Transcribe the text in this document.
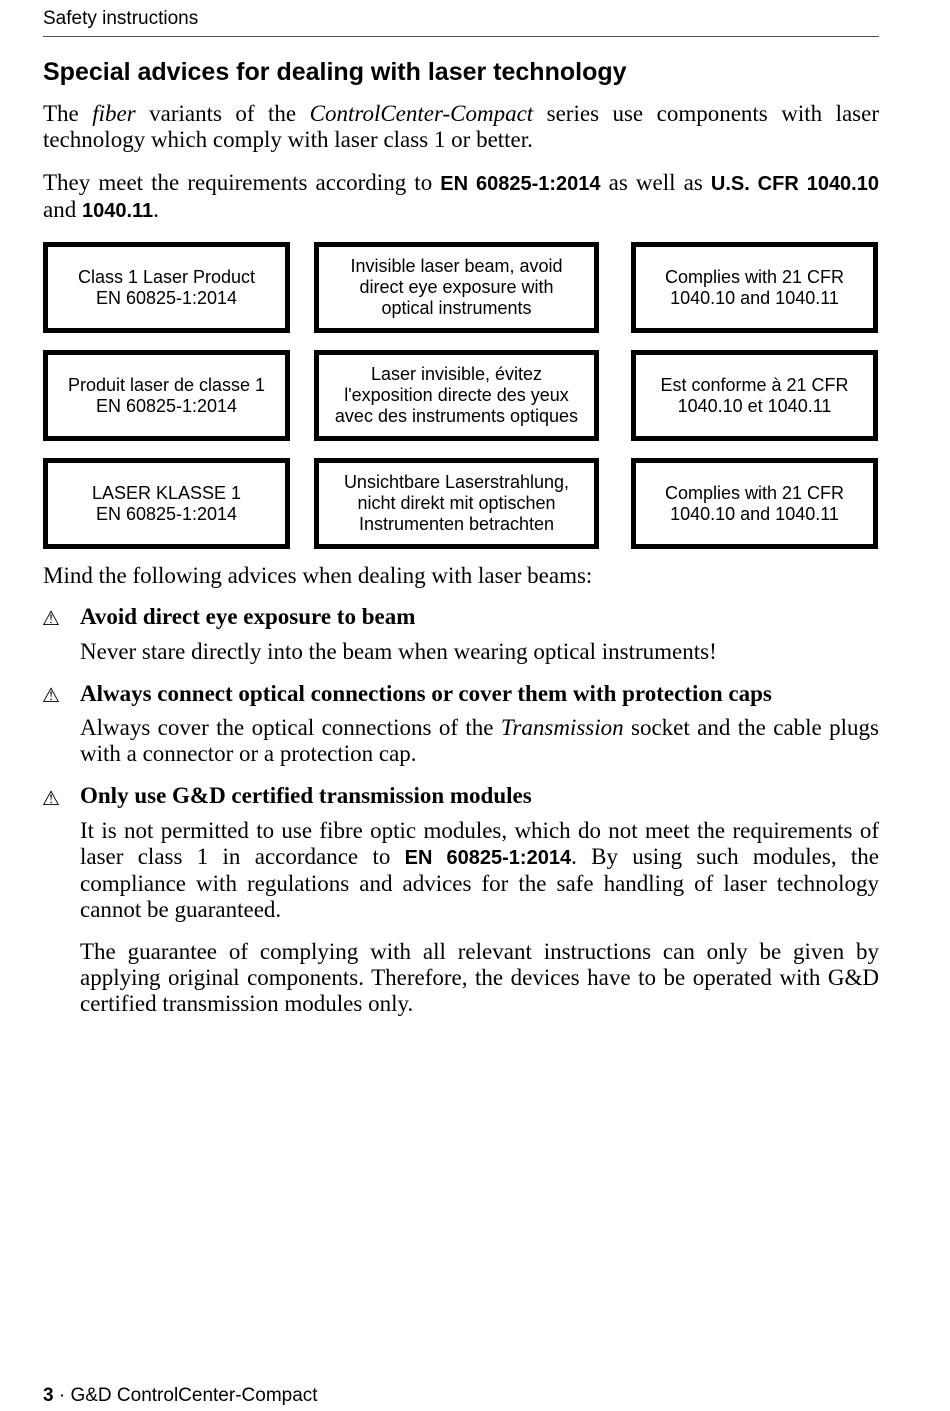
Safety instructions
Special advices for dealing with laser technology
The fiber variants of the ControlCenter-Compact series use components with laser technology which comply with laser class 1 or better.
They meet the requirements according to EN 60825-1:2014 as well as U.S. CFR 1040.10 and 1040.11.
Class 1 Laser Product
EN 60825-1:2014
Invisible laser beam, avoid
direct eye exposure with
optical instruments
Complies with 21 CFR
1040.10 and 1040.11
Produit laser de classe 1
EN 60825-1:2014
Laser invisible, évitez
l'exposition directe des yeux
avec des instruments optiques
Est conforme à 21 CFR
1040.10 et 1040.11
LASER KLASSE 1
EN 60825-1:2014
Unsichtbare Laserstrahlung,
nicht direkt mit optischen
Instrumenten betrachten
Complies with 21 CFR
1040.10 and 1040.11
Mind the following advices when dealing with laser beams:
⚠ Avoid direct eye exposure to beam
Never stare directly into the beam when wearing optical instruments!
⚠ Always connect optical connections or cover them with protection caps
Always cover the optical connections of the Transmission socket and the cable plugs with a connector or a protection cap.
⚠ Only use G&D certified transmission modules
It is not permitted to use fibre optic modules, which do not meet the requirements of laser class 1 in accordance to EN 60825-1:2014. By using such modules, the compliance with regulations and advices for the safe handling of laser technology cannot be guaranteed.
The guarantee of complying with all relevant instructions can only be given by applying original components. Therefore, the devices have to be operated with G&D certified transmission modules only.
3 · G&D ControlCenter-Compact
